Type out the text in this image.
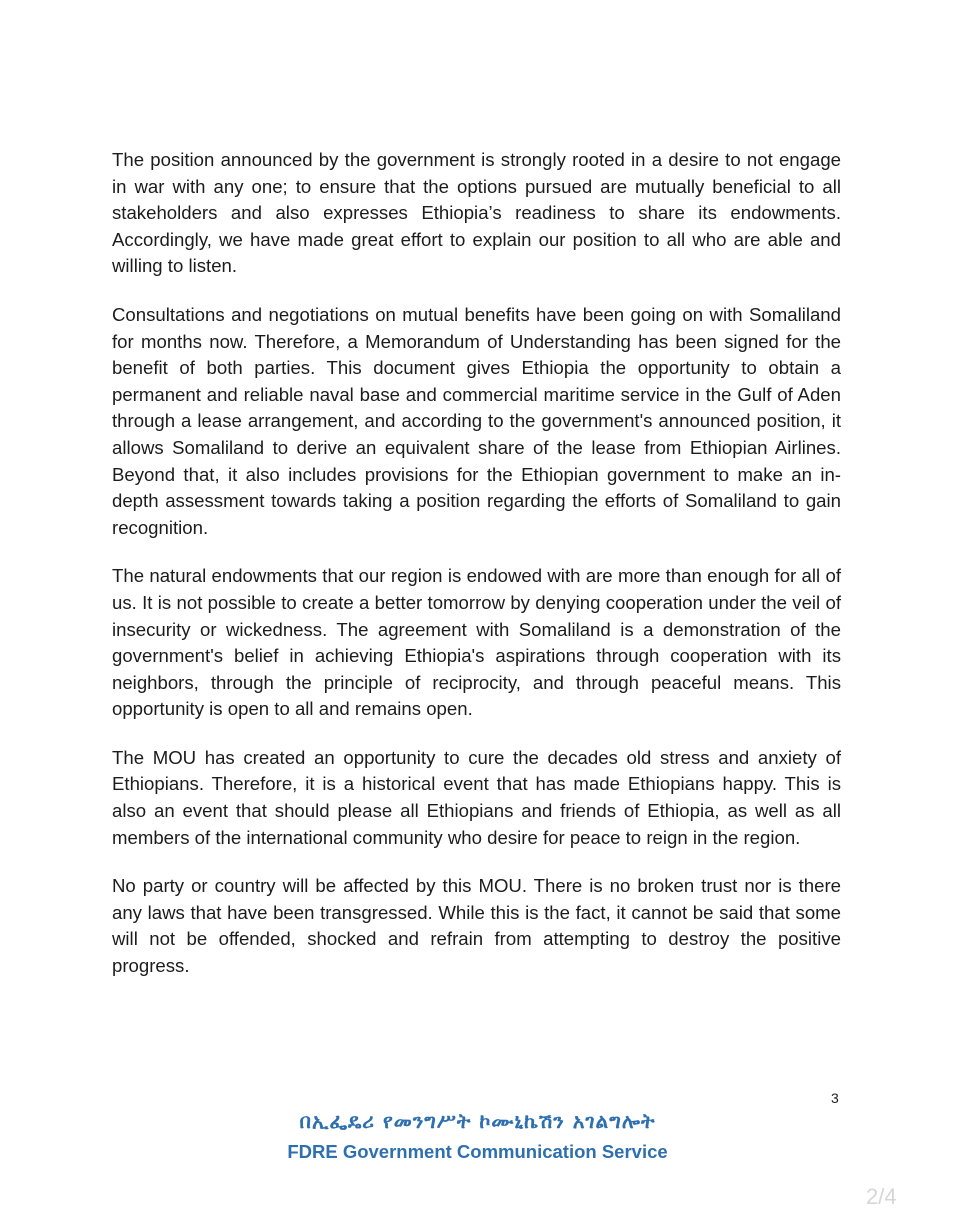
The position announced by the government is strongly rooted in a desire to not engage in war with any one; to ensure that the options pursued are mutually beneficial to all stakeholders and also expresses Ethiopia’s readiness to share its endowments. Accordingly, we have made great effort to explain our position to all who are able and willing to listen.

Consultations and negotiations on mutual benefits have been going on with Somaliland for months now. Therefore, a Memorandum of Understanding has been signed for the benefit of both parties. This document gives Ethiopia the opportunity to obtain a permanent and reliable naval base and commercial maritime service in the Gulf of Aden through a lease arrangement, and according to the government's announced position, it allows Somaliland to derive an equivalent share of the lease from Ethiopian Airlines. Beyond that, it also includes provisions for the Ethiopian government to make an in-depth assessment towards taking a position regarding the efforts of Somaliland to gain recognition.

The natural endowments that our region is endowed with are more than enough for all of us. It is not possible to create a better tomorrow by denying cooperation under the veil of insecurity or wickedness. The agreement with Somaliland is a demonstration of the government's belief in achieving Ethiopia's aspirations through cooperation with its neighbors, through the principle of reciprocity, and through peaceful means. This opportunity is open to all and remains open.

The MOU has created an opportunity to cure the decades old stress and anxiety of Ethiopians. Therefore, it is a historical event that has made Ethiopians happy. This is also an event that should please all Ethiopians and friends of Ethiopia, as well as all members of the international community who desire for peace to reign in the region.

No party or country will be affected by this MOU. There is no broken trust nor is there any laws that have been transgressed. While this is the fact, it cannot be said that some will not be offended, shocked and refrain from attempting to destroy the positive progress.

3
በኢፌዴሪ የመንግሥት ኮሙኒኬሽን አገልግሎት
FDRE Government Communication Service
2/4
